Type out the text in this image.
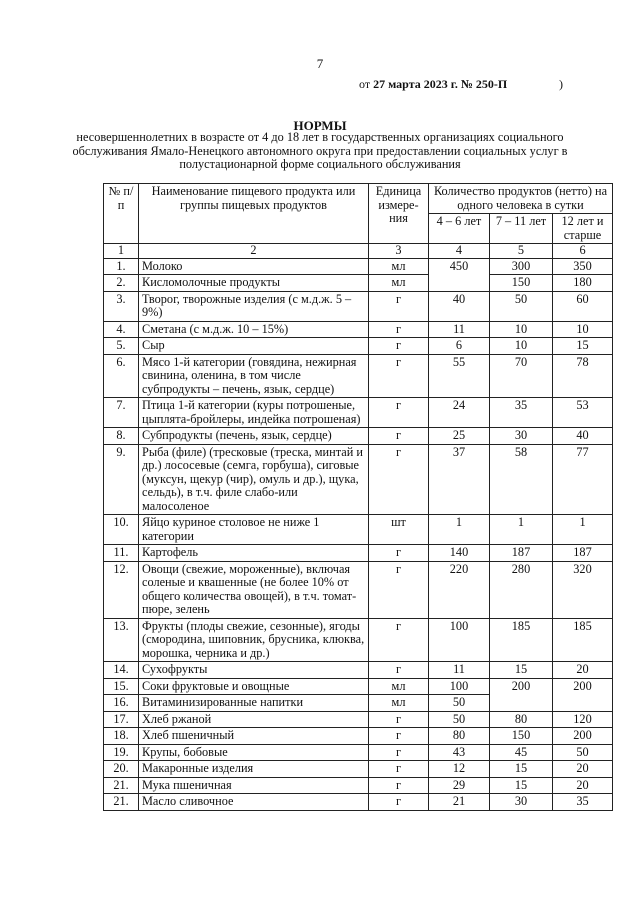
7
от 27 марта 2023 г. № 250-П	)
НОРМЫ
несовершеннолетних в возрасте от 4 до 18 лет в государственных организациях социального обслуживания Ямало-Ненецкого автономного округа при предоставлении социальных услуг в полустационарной форме социального обслуживания
№ п/п	Наименование пищевого продукта или группы пищевых продуктов	Единица измере-ния	Количество продуктов (нетто) на одного человека в сутки		
			4 – 6 лет	7 – 11 лет	12 лет и старше
1	2	3	4	5	6
1.	Молоко	мл	450	300	350
2.	Кисломолочные продукты	мл		150	180
3.	Творог, творожные изделия (с м.д.ж. 5 – 9%)	г	40	50	60
4.	Сметана (с м.д.ж. 10 – 15%)	г	11	10	10
5.	Сыр	г	6	10	15
6.	Мясо 1-й категории (говядина, нежирная свинина, оленина, в том числе субпродукты – печень, язык, сердце)	г	55	70	78
7.	Птица 1-й категории (куры потрошеные, цыплята-бройлеры, индейка потрошеная)	г	24	35	53
8.	Субпродукты (печень, язык, сердце)	г	25	30	40
9.	Рыба (филе) (тресковые (треска, минтай и др.) лососевые (семга, горбуша), сиговые (муксун, щекур (чир), омуль и др.), щука, сельдь), в т.ч. филе слабо-или малосоленое	г	37	58	77
10.	Яйцо куриное столовое не ниже 1 категории	шт	1	1	1
11.	Картофель	г	140	187	187
12.	Овощи (свежие, мороженные), включая соленые и квашенные (не более 10% от общего количества овощей), в т.ч. томат-пюре, зелень	г	220	280	320
13.	Фрукты (плоды свежие, сезонные), ягоды (смородина, шиповник, брусника, клюква, морошка, черника и др.)	г	100	185	185
14.	Сухофрукты	г	11	15	20
15.	Соки фруктовые и овощные	мл	100	200	200
16.	Витаминизированные напитки	мл	50		
17.	Хлеб ржаной	г	50	80	120
18.	Хлеб пшеничный	г	80	150	200
19.	Крупы, бобовые	г	43	45	50
20.	Макаронные изделия	г	12	15	20
21.	Мука пшеничная	г	29	15	20
21.	Масло сливочное	г	21	30	35
